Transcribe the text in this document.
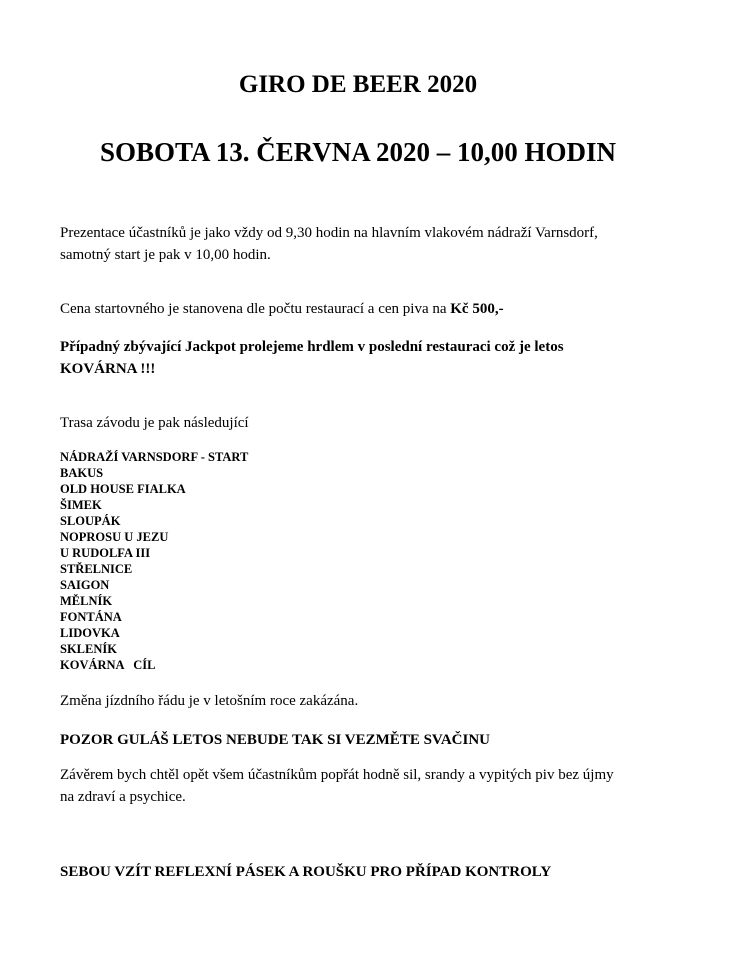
GIRO DE BEER 2020
SOBOTA 13. ČERVNA 2020 – 10,00 HODIN

Prezentace účastníků je jako vždy od 9,30 hodin na hlavním vlakovém nádraží Varnsdorf,
samotný start je pak v 10,00 hodin.

Cena startovného je stanovena dle počtu restaurací a cen piva na Kč 500,-

Případný zbývající Jackpot prolejeme hrdlem v poslední restauraci což je letos
KOVÁRNA !!!

Trasa závodu je pak následující

NÁDRAŽÍ VARNSDORF - START
BAKUS
OLD HOUSE FIALKA
ŠIMEK
SLOUPÁK
NOPROSU U JEZU
U RUDOLFA III
STŘELNICE
SAIGON
MĚLNÍK
FONTÁNA
LIDOVKA
SKLENÍK
KOVÁRNA   CÍL

Změna jízdního řádu je v letošním roce zakázána.

POZOR GULÁŠ LETOS NEBUDE TAK SI VEZMĚTE SVAČINU

Závěrem bych chtěl opět všem účastníkům popřát hodně sil, srandy a vypitých piv bez újmy
na zdraví a psychice.

SEBOU VZÍT REFLEXNÍ PÁSEK A ROUŠKU PRO PŘÍPAD KONTROLY
